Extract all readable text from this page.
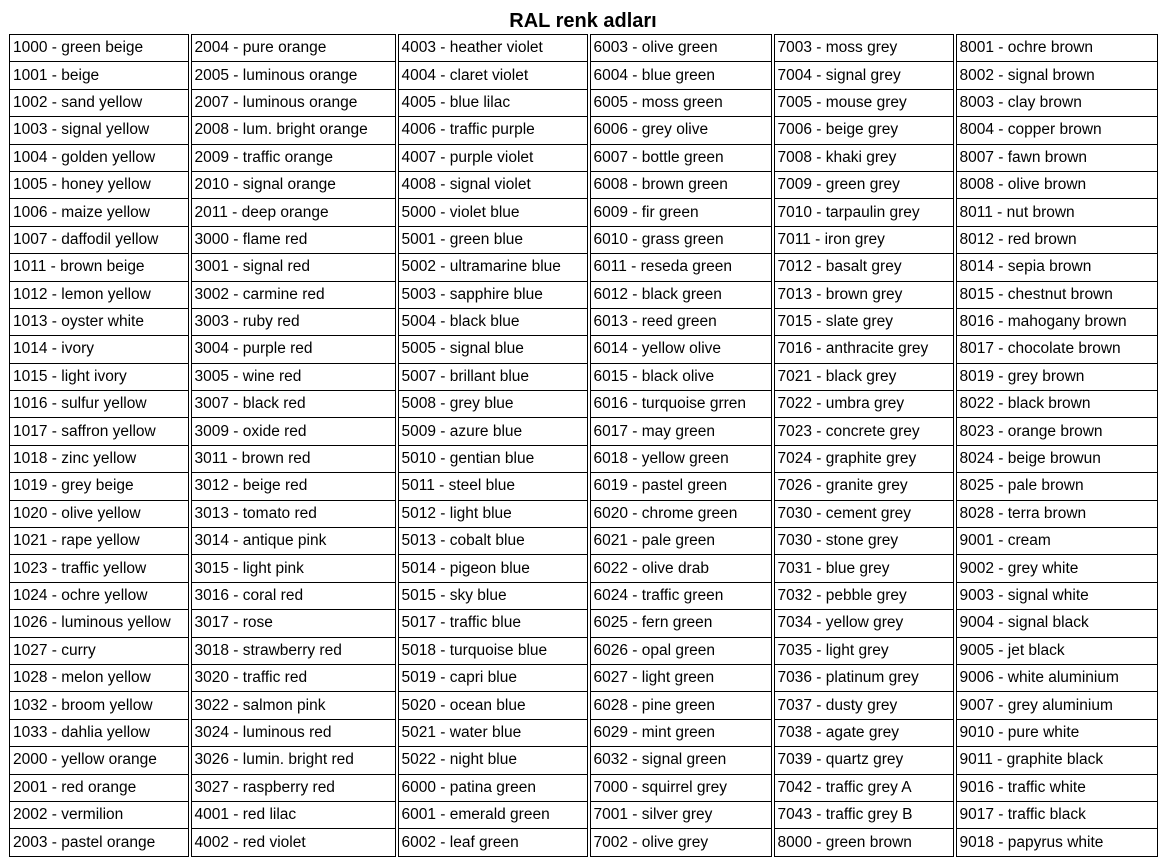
RAL renk adları
1000 - green beige	2004 - pure orange	4003 - heather violet	6003 - olive green	7003 - moss grey	8001 - ochre brown
1001 - beige	2005 - luminous orange	4004 - claret violet	6004 - blue green	7004 - signal grey	8002 - signal brown
1002 - sand yellow	2007 - luminous orange	4005 - blue lilac	6005 - moss green	7005 - mouse grey	8003 - clay brown
1003 - signal yellow	2008 - lum. bright orange	4006 - traffic purple	6006 - grey olive	7006 - beige grey	8004 - copper brown
1004 - golden yellow	2009 - traffic orange	4007 - purple violet	6007 - bottle green	7008 - khaki grey	8007 - fawn brown
1005 - honey yellow	2010 - signal orange	4008 - signal violet	6008 - brown green	7009 - green grey	8008 - olive brown
1006 - maize yellow	2011 - deep orange	5000 - violet blue	6009 - fir green	7010 - tarpaulin grey	8011 - nut brown
1007 - daffodil yellow	3000 - flame red	5001 - green blue	6010 - grass green	7011 - iron grey	8012 - red brown
1011 - brown beige	3001 - signal red	5002 - ultramarine blue	6011 - reseda green	7012 - basalt grey	8014 - sepia brown
1012 - lemon yellow	3002 - carmine red	5003 - sapphire blue	6012 - black green	7013 - brown grey	8015 - chestnut brown
1013 - oyster white	3003 - ruby red	5004 - black blue	6013 - reed green	7015 - slate grey	8016 - mahogany brown
1014 - ivory	3004 - purple red	5005 - signal blue	6014 - yellow olive	7016 - anthracite grey	8017 - chocolate brown
1015 - light ivory	3005 - wine red	5007 - brillant blue	6015 - black olive	7021 - black grey	8019 - grey brown
1016 - sulfur yellow	3007 - black red	5008 - grey blue	6016 - turquoise grren	7022 - umbra grey	8022 - black brown
1017 - saffron yellow	3009 - oxide red	5009 - azure blue	6017 - may green	7023 - concrete grey	8023 - orange brown
1018 - zinc yellow	3011 - brown red	5010 - gentian blue	6018 - yellow green	7024 - graphite grey	8024 - beige browun
1019 - grey beige	3012 - beige red	5011 - steel blue	6019 - pastel green	7026 - granite grey	8025 - pale brown
1020 - olive yellow	3013 - tomato red	5012 - light blue	6020 - chrome green	7030 - cement grey	8028 - terra brown
1021 - rape yellow	3014 - antique pink	5013 - cobalt blue	6021 - pale green	7030 - stone grey	9001 - cream
1023 - traffic yellow	3015 - light pink	5014 - pigeon blue	6022 - olive drab	7031 - blue grey	9002 - grey white
1024 - ochre yellow	3016 - coral red	5015 - sky blue	6024 - traffic green	7032 - pebble grey	9003 - signal white
1026 - luminous yellow	3017 - rose	5017 - traffic blue	6025 - fern green	7034 - yellow grey	9004 - signal black
1027 - curry	3018 - strawberry red	5018 - turquoise blue	6026 - opal green	7035 - light grey	9005 - jet black
1028 - melon yellow	3020 - traffic red	5019 - capri blue	6027 - light green	7036 - platinum grey	9006 - white aluminium
1032 - broom yellow	3022 - salmon pink	5020 - ocean blue	6028 - pine green	7037 - dusty grey	9007 - grey aluminium
1033 - dahlia yellow	3024 - luminous red	5021 - water blue	6029 - mint green	7038 - agate grey	9010 - pure white
2000 - yellow orange	3026 - lumin. bright red	5022 - night blue	6032 - signal green	7039 - quartz grey	9011 - graphite black
2001 - red orange	3027 - raspberry red	6000 - patina green	7000 - squirrel grey	7042 - traffic grey A	9016 - traffic white
2002 - vermilion	4001 - red lilac	6001 - emerald green	7001 - silver grey	7043 - traffic grey B	9017 - traffic black
2003 - pastel orange	4002 - red violet	6002 - leaf green	7002 - olive grey	8000 - green brown	9018 - papyrus white
